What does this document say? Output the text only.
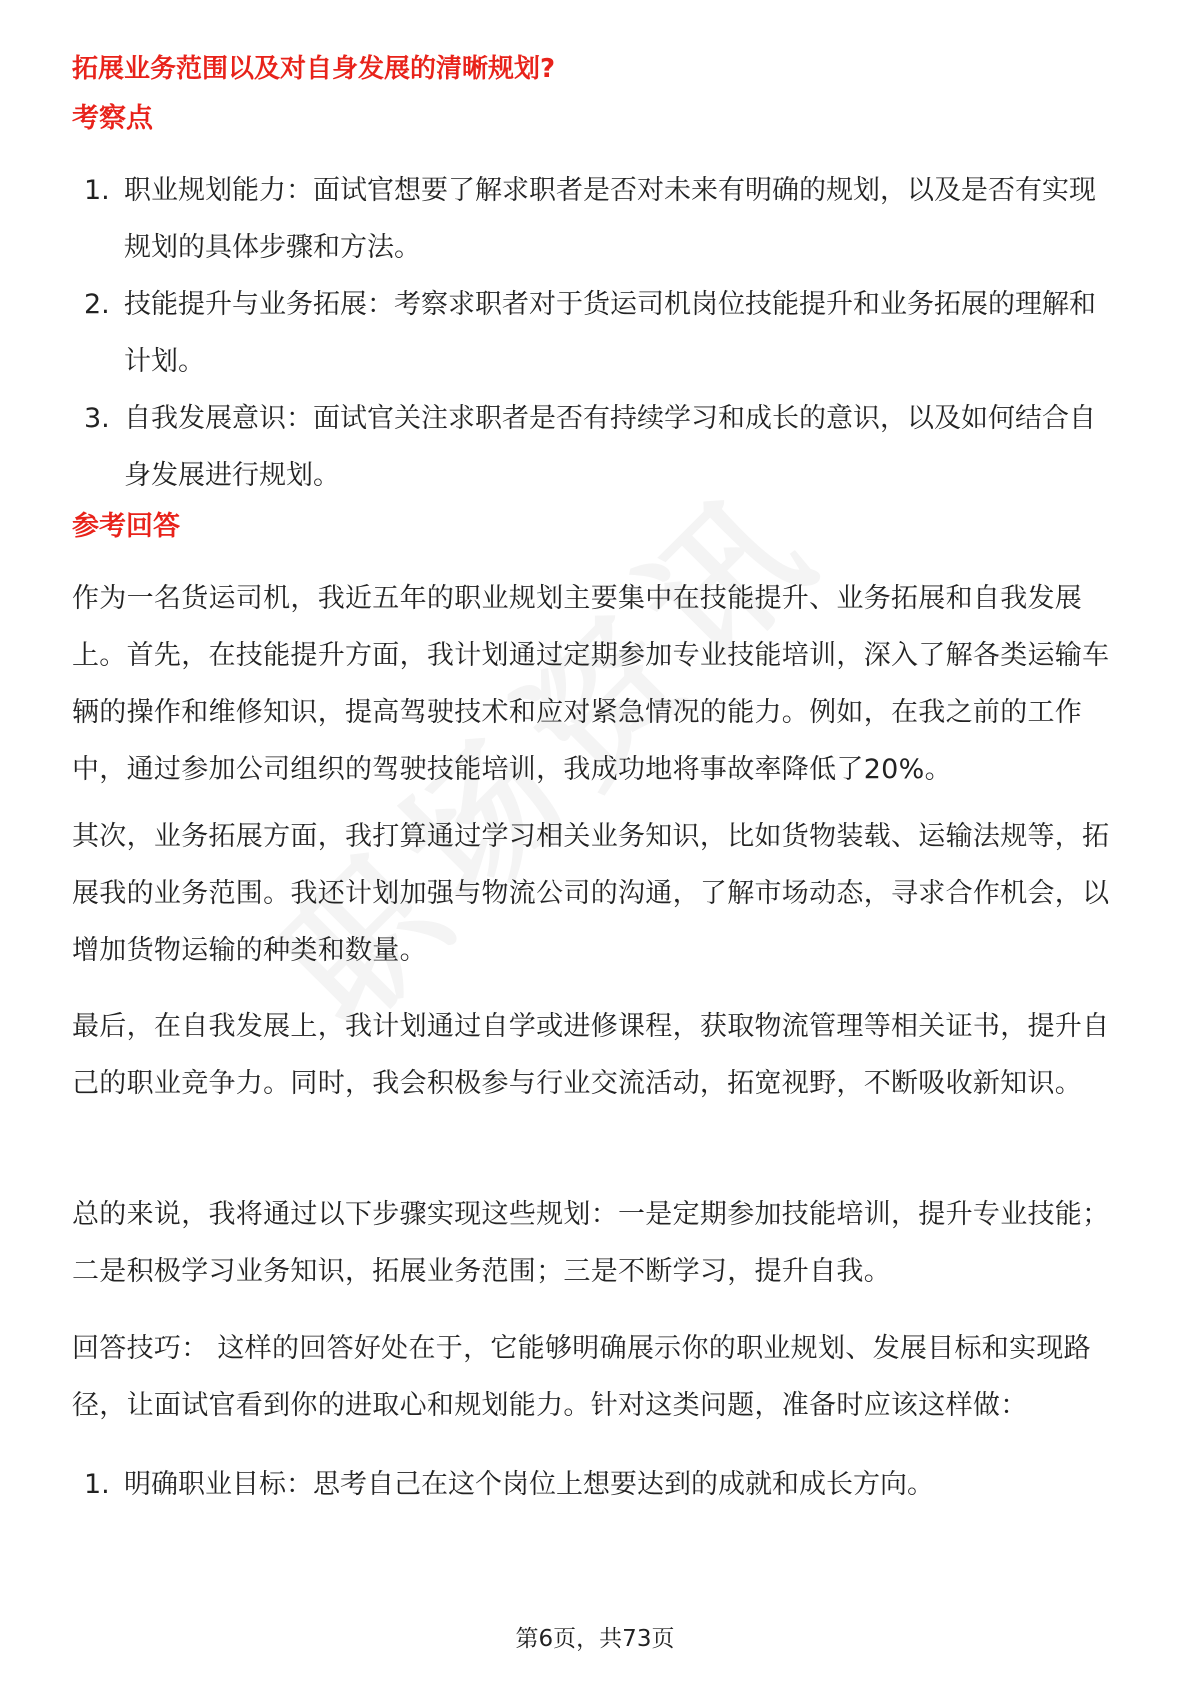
拓展业务范围以及对自身发展的清晰规划?
考察点
1. 职业规划能力：面试官想要了解求职者是否对未来有明确的规划，以及是否有实现规划的具体步骤和方法。
2. 技能提升与业务拓展：考察求职者对于货运司机岗位技能提升和业务拓展的理解和计划。
3. 自我发展意识：面试官关注求职者是否有持续学习和成长的意识，以及如何结合自身发展进行规划。
参考回答
作为一名货运司机，我近五年的职业规划主要集中在技能提升、业务拓展和自我发展上。首先，在技能提升方面，我计划通过定期参加专业技能培训，深入了解各类运输车辆的操作和维修知识，提高驾驶技术和应对紧急情况的能力。例如，在我之前的工作中，通过参加公司组织的驾驶技能培训，我成功地将事故率降低了20%。
其次，业务拓展方面，我打算通过学习相关业务知识，比如货物装载、运输法规等，拓展我的业务范围。我还计划加强与物流公司的沟通，了解市场动态，寻求合作机会，以增加货物运输的种类和数量。
最后，在自我发展上，我计划通过自学或进修课程，获取物流管理等相关证书，提升自己的职业竞争力。同时，我会积极参与行业交流活动，拓宽视野，不断吸收新知识。
总的来说，我将通过以下步骤实现这些规划：一是定期参加技能培训，提升专业技能；二是积极学习业务知识，拓展业务范围；三是不断学习，提升自我。
回答技巧： 这样的回答好处在于，它能够明确展示你的职业规划、发展目标和实现路径，让面试官看到你的进取心和规划能力。针对这类问题，准备时应该这样做：
1. 明确职业目标：思考自己在这个岗位上想要达到的成就和成长方向。
第6页，共73页
